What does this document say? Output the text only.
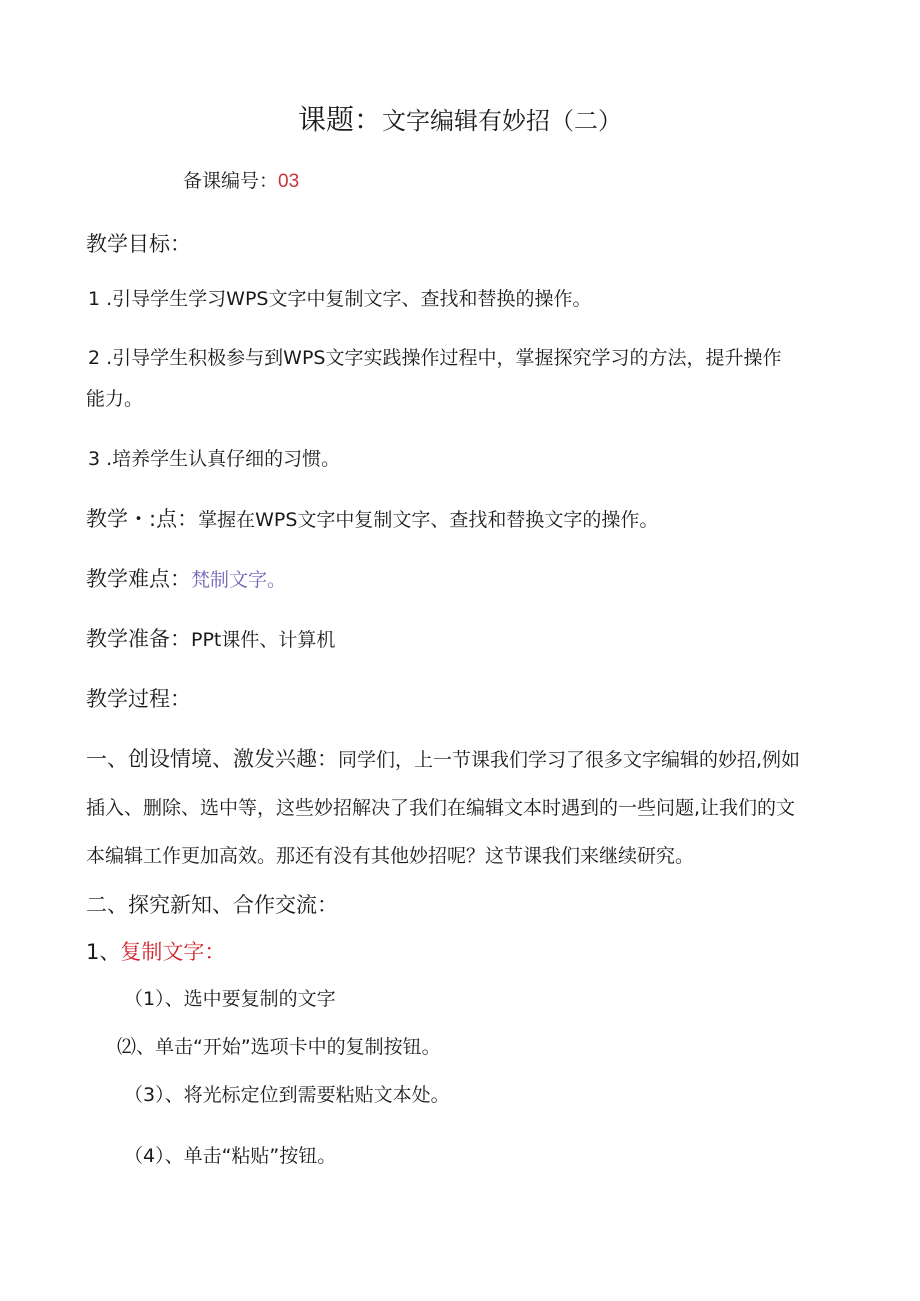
课题：文字编辑有妙招（二）
备课编号：03
教学目标：
1 .引导学生学习WPS文字中复制文字、查找和替换的操作。
2 .引导学生积极参与到WPS文字实践操作过程中，掌握探究学习的方法，提升操作
能力。
3 .培养学生认真仔细的习惯。
教学・:点：掌握在WPS文字中复制文字、查找和替换文字的操作。
教学难点：梵制文字。
教学准备：PPt课件、计算机
教学过程：
一、创设情境、激发兴趣：同学们，上一节课我们学习了很多文字编辑的妙招,例如
插入、删除、选中等，这些妙招解决了我们在编辑文本时遇到的一些问题,让我们的文
本编辑工作更加高效。那还有没有其他妙招呢？这节课我们来继续研究。
二、探究新知、合作交流：
1、复制文字：
（1）、选中要复制的文字
⑵、单击“开始”选项卡中的复制按钮。
（3）、将光标定位到需要粘贴文本处。
（4）、单击“粘贴”按钮。
